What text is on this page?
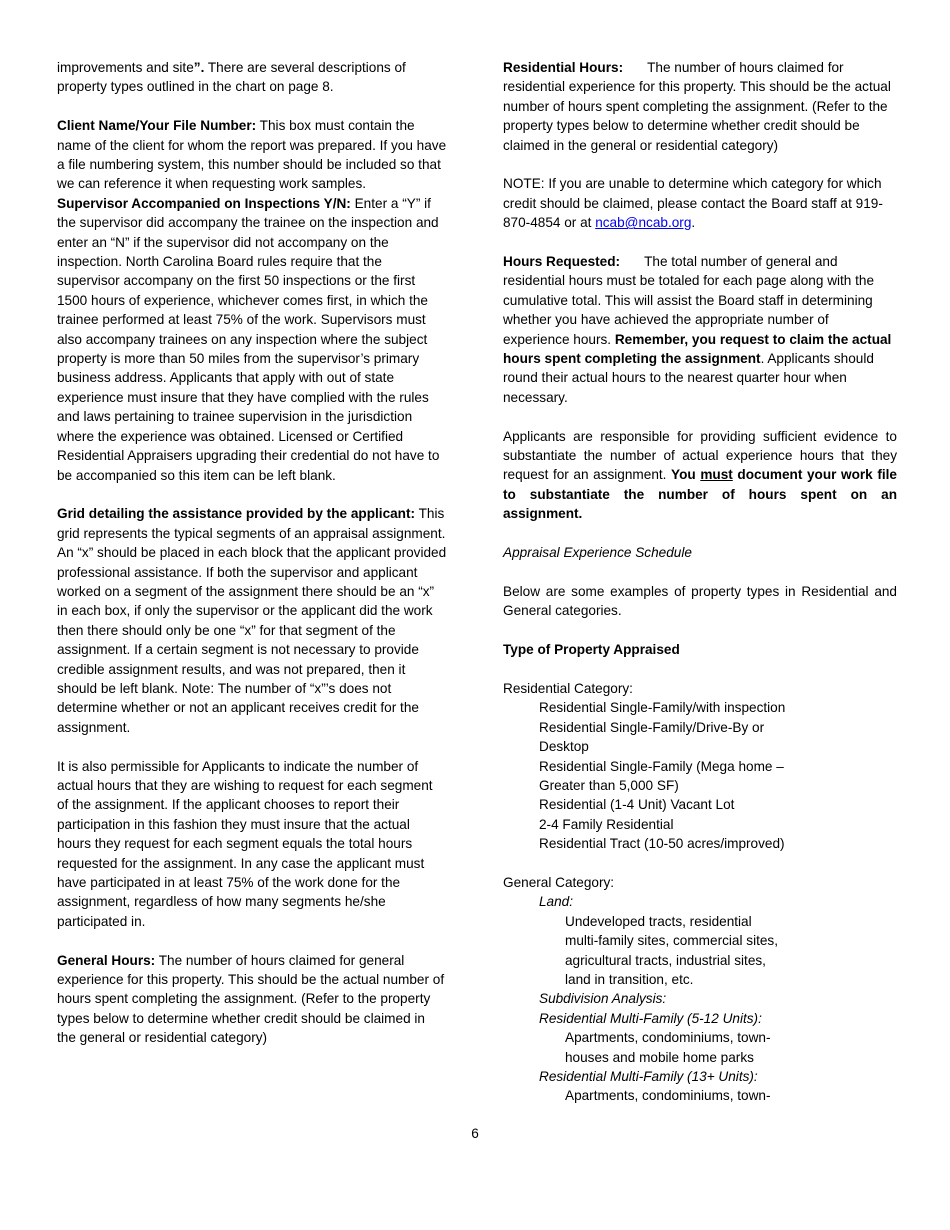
improvements and site”. There are several descriptions of property types outlined in the chart on page 8.

Client Name/Your File Number: This box must contain the name of the client for whom the report was prepared. If you have a file numbering system, this number should be included so that we can reference it when requesting work samples.

Supervisor Accompanied on Inspections Y/N: Enter a “Y” if the supervisor did accompany the trainee on the inspection and enter an “N” if the supervisor did not accompany on the inspection. North Carolina Board rules require that the supervisor accompany on the first 50 inspections or the first 1500 hours of experience, whichever comes first, in which the trainee performed at least 75% of the work. Supervisors must also accompany trainees on any inspection where the subject property is more than 50 miles from the supervisor’s primary business address. Applicants that apply with out of state experience must insure that they have complied with the rules and laws pertaining to trainee supervision in the jurisdiction where the experience was obtained. Licensed or Certified Residential Appraisers upgrading their credential do not have to be accompanied so this item can be left blank.

Grid detailing the assistance provided by the applicant: This grid represents the typical segments of an appraisal assignment. An “x” should be placed in each block that the applicant provided professional assistance. If both the supervisor and applicant worked on a segment of the assignment there should be an “x” in each box, if only the supervisor or the applicant did the work then there should only be one “x” for that segment of the assignment. If a certain segment is not necessary to provide credible assignment results, and was not prepared, then it should be left blank. Note: The number of “x”’s does not determine whether or not an applicant receives credit for the assignment.

It is also permissible for Applicants to indicate the number of actual hours that they are wishing to request for each segment of the assignment. If the applicant chooses to report their participation in this fashion they must insure that the actual hours they request for each segment equals the total hours requested for the assignment. In any case the applicant must have participated in at least 75% of the work done for the assignment, regardless of how many segments he/she participated in.

General Hours: The number of hours claimed for general experience for this property. This should be the actual number of hours spent completing the assignment. (Refer to the property types below to determine whether credit should be claimed in the general or residential category)

Residential Hours: The number of hours claimed for residential experience for this property. This should be the actual number of hours spent completing the assignment. (Refer to the property types below to determine whether credit should be claimed in the general or residential category)

NOTE: If you are unable to determine which category for which credit should be claimed, please contact the Board staff at 919-870-4854 or at ncab@ncab.org.

Hours Requested: The total number of general and residential hours must be totaled for each page along with the cumulative total. This will assist the Board staff in determining whether you have achieved the appropriate number of experience hours. Remember, you request to claim the actual hours spent completing the assignment. Applicants should round their actual hours to the nearest quarter hour when necessary.

Applicants are responsible for providing sufficient evidence to substantiate the number of actual experience hours that they request for an assignment. You must document your work file to substantiate the number of hours spent on an assignment.

Appraisal Experience Schedule

Below are some examples of property types in Residential and General categories.

Type of Property Appraised

Residential Category:
Residential Single-Family/with inspection
Residential Single-Family/Drive-By or
Desktop
Residential Single-Family (Mega home –
Greater than 5,000 SF)
Residential (1-4 Unit) Vacant Lot
2-4 Family Residential
Residential Tract (10-50 acres/improved)
General Category:
Land:
Undeveloped tracts, residential
multi-family sites, commercial sites,
agricultural tracts, industrial sites,
land in transition, etc.
Subdivision Analysis:
Residential Multi-Family (5-12 Units):
Apartments, condominiums, town-
houses and mobile home parks
Residential Multi-Family (13+ Units):
Apartments, condominiums, town-
6
